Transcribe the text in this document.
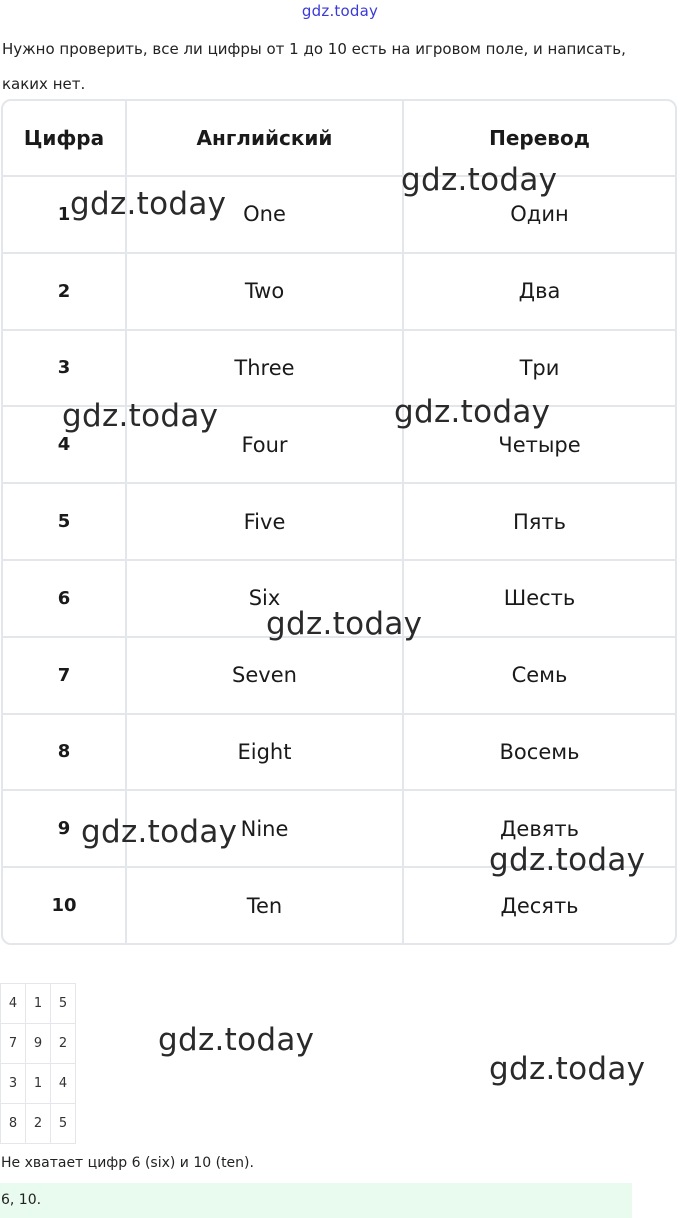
gdz.today
Нужно проверить, все ли цифры от 1 до 10 есть на игровом поле, и написать, каких нет.
Цифра	Английский	Перевод
1	One	Один
2	Two	Два
3	Three	Три
4	Four	Четыре
5	Five	Пять
6	Six	Шесть
7	Seven	Семь
8	Eight	Восемь
9	Nine	Девять
10	Ten	Десять
4	1	5
7	9	2
3	1	4
8	2	5
Не хватает цифр 6 (six) и 10 (ten).
6, 10.
gdz.today
gdz.today
gdz.today	gdz.today
gdz.today
gdz.today
gdz.today
gdz.today
gdz.today
